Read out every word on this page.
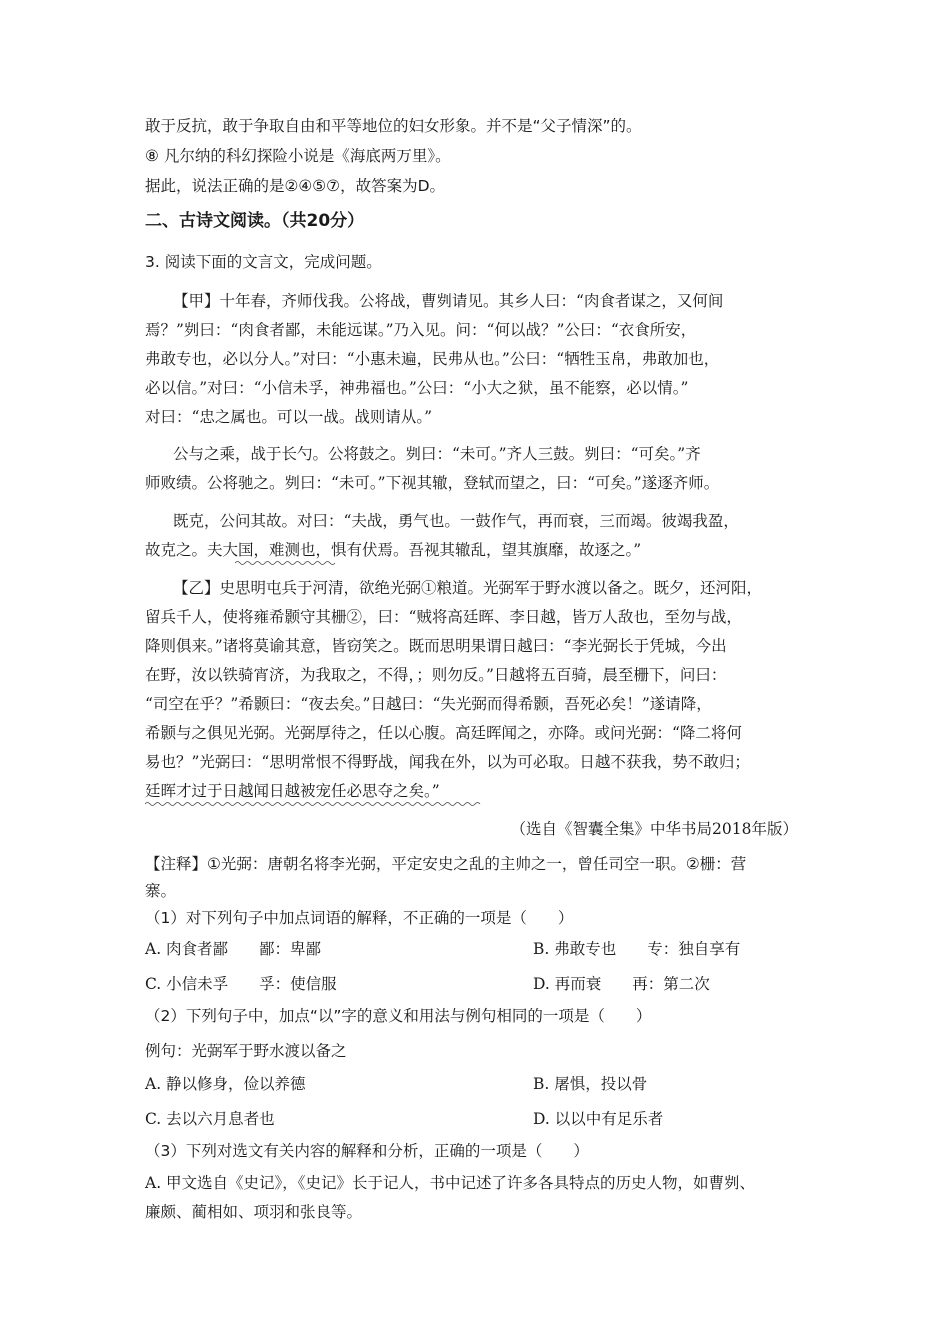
敢于反抗，敢于争取自由和平等地位的妇女形象。并不是“父子情深”的。
⑧ 凡尔纳的科幻探险小说是《海底两万里》。
据此，说法正确的是②④⑤⑦，故答案为D。
二、古诗文阅读。（共20分）
3. 阅读下面的文言文，完成问题。
【甲】十年春，齐师伐我。公将战，曹刿请见。其乡人曰：“肉食者谋之，又何间
焉？”刿曰：“肉食者鄙，未能远谋。”乃入见。问：“何以战？”公曰：“衣食所安，
弗敢专也，必以分人。”对曰：“小惠未遍，民弗从也。”公曰：“牺牲玉帛，弗敢加也，
必以信。”对曰：“小信未孚，神弗福也。”公曰：“小大之狱，虽不能察，必以情。”
对曰：“忠之属也。可以一战。战则请从。”
公与之乘，战于长勺。公将鼓之。刿曰：“未可。”齐人三鼓。刿曰：“可矣。”齐
师败绩。公将驰之。刿曰：“未可。”下视其辙，登轼而望之，曰：“可矣。”遂逐齐师。
既克，公问其故。对曰：“夫战，勇气也。一鼓作气，再而衰，三而竭。彼竭我盈，
故克之。夫大国，难测也，惧有伏焉。吾视其辙乱，望其旗靡，故逐之。”
【乙】史思明屯兵于河清，欲绝光弼①粮道。光弼军于野水渡以备之。既夕，还河阳，
留兵千人，使将雍希颢守其栅②，曰：“贼将高廷晖、李日越，皆万人敌也，至勿与战，
降则俱来。”诸将莫谕其意，皆窃笑之。既而思明果谓日越曰：“李光弼长于凭城，今出
在野，汝以铁骑宵济，为我取之，不得，；则勿反。”日越将五百骑，晨至栅下，问曰：
“司空在乎？”希颢曰：“夜去矣。”日越曰：“失光弼而得希颢，吾死必矣！”遂请降，
希颢与之俱见光弼。光弼厚待之，任以心腹。高廷晖闻之，亦降。或问光弼：“降二将何
易也？”光弼曰：“思明常恨不得野战，闻我在外，以为可必取。日越不获我，势不敢归；
廷晖才过于日越闻日越被宠任必思夺之矣。”
（选自《智囊全集》中华书局2018年版）
【注释】①光弼：唐朝名将李光弼，平定安史之乱的主帅之一，曾任司空一职。②栅：营
寨。
（1）对下列句子中加点词语的解释，不正确的一项是（　　）
A. 肉食者鄙　　鄙：卑鄙	B. 弗敢专也　　专：独自享有
C. 小信未孚　　孚：使信服	D. 再而衰　　再：第二次
（2）下列句子中，加点“以”字的意义和用法与例句相同的一项是（　　）
例句：光弼军于野水渡以备之
A. 静以修身，俭以养德	B. 屠惧，投以骨
C. 去以六月息者也	D. 以以中有足乐者
（3）下列对选文有关内容的解释和分析，正确的一项是（　　）
A. 甲文选自《史记》，《史记》长于记人，书中记述了许多各具特点的历史人物，如曹刿、
廉颇、蔺相如、项羽和张良等。
